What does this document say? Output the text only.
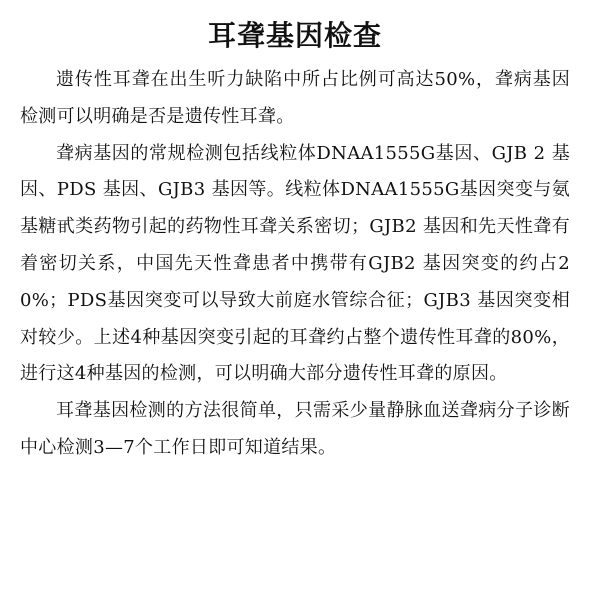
耳聋基因检查

遗传性耳聋在出生听力缺陷中所占比例可高达50%，聋病基因检测可以明确是否是遗传性耳聋。

聋病基因的常规检测包括线粒体DNAA1555G基因、GJB 2 基因、PDS 基因、GJB3 基因等。线粒体DNAA1555G基因突变与氨基糖甙类药物引起的药物性耳聋关系密切；GJB2 基因和先天性聋有着密切关系，中国先天性聋患者中携带有GJB2 基因突变的约占20%；PDS基因突变可以导致大前庭水管综合征；GJB3 基因突变相对较少。上述4种基因突变引起的耳聋约占整个遗传性耳聋的80%，进行这4种基因的检测，可以明确大部分遗传性耳聋的原因。

耳聋基因检测的方法很简单，只需采少量静脉血送聋病分子诊断中心检测3—7个工作日即可知道结果。
